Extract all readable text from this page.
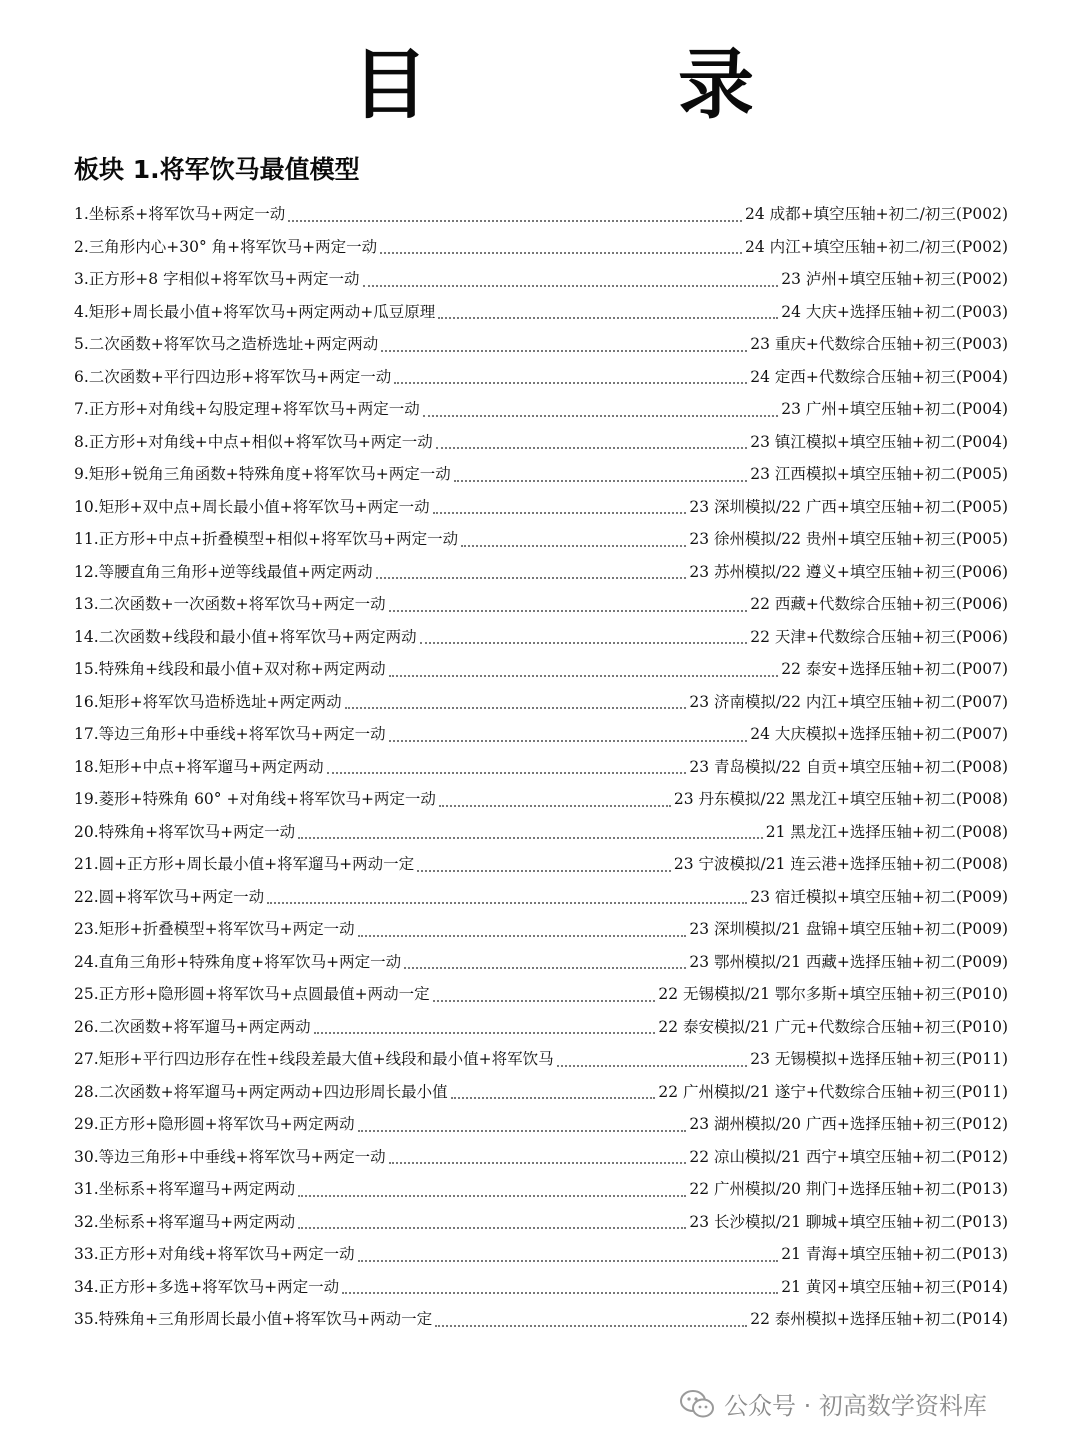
目	录
板块 1.将军饮马最值模型
1.坐标系+将军饮马+两定一动	24 成都+填空压轴+初二/初三(P002)
2.三角形内心+30° 角+将军饮马+两定一动	24 内江+填空压轴+初二/初三(P002)
3.正方形+8 字相似+将军饮马+两定一动	23 泸州+填空压轴+初三(P002)
4.矩形+周长最小值+将军饮马+两定两动+瓜豆原理	24 大庆+选择压轴+初二(P003)
5.二次函数+将军饮马之造桥选址+两定两动	23 重庆+代数综合压轴+初三(P003)
6.二次函数+平行四边形+将军饮马+两定一动	24 定西+代数综合压轴+初三(P004)
7.正方形+对角线+勾股定理+将军饮马+两定一动	23 广州+填空压轴+初二(P004)
8.正方形+对角线+中点+相似+将军饮马+两定一动	23 镇江模拟+填空压轴+初二(P004)
9.矩形+锐角三角函数+特殊角度+将军饮马+两定一动	23 江西模拟+填空压轴+初二(P005)
10.矩形+双中点+周长最小值+将军饮马+两定一动	23 深圳模拟/22 广西+填空压轴+初二(P005)
11.正方形+中点+折叠模型+相似+将军饮马+两定一动	23 徐州模拟/22 贵州+填空压轴+初三(P005)
12.等腰直角三角形+逆等线最值+两定两动	23 苏州模拟/22 遵义+填空压轴+初三(P006)
13.二次函数+一次函数+将军饮马+两定一动	22 西藏+代数综合压轴+初三(P006)
14.二次函数+线段和最小值+将军饮马+两定两动	22 天津+代数综合压轴+初三(P006)
15.特殊角+线段和最小值+双对称+两定两动	22 泰安+选择压轴+初二(P007)
16.矩形+将军饮马造桥选址+两定两动	23 济南模拟/22 内江+填空压轴+初二(P007)
17.等边三角形+中垂线+将军饮马+两定一动	24 大庆模拟+选择压轴+初二(P007)
18.矩形+中点+将军遛马+两定两动	23 青岛模拟/22 自贡+填空压轴+初二(P008)
19.菱形+特殊角 60° +对角线+将军饮马+两定一动	23 丹东模拟/22 黑龙江+填空压轴+初二(P008)
20.特殊角+将军饮马+两定一动	21 黑龙江+选择压轴+初二(P008)
21.圆+正方形+周长最小值+将军遛马+两动一定	23 宁波模拟/21 连云港+选择压轴+初二(P008)
22.圆+将军饮马+两定一动	23 宿迁模拟+填空压轴+初二(P009)
23.矩形+折叠模型+将军饮马+两定一动	23 深圳模拟/21 盘锦+填空压轴+初二(P009)
24.直角三角形+特殊角度+将军饮马+两定一动	23 鄂州模拟/21 西藏+选择压轴+初二(P009)
25.正方形+隐形圆+将军饮马+点圆最值+两动一定	22 无锡模拟/21 鄂尔多斯+填空压轴+初三(P010)
26.二次函数+将军遛马+两定两动	22 泰安模拟/21 广元+代数综合压轴+初三(P010)
27.矩形+平行四边形存在性+线段差最大值+线段和最小值+将军饮马	23 无锡模拟+选择压轴+初三(P011)
28.二次函数+将军遛马+两定两动+四边形周长最小值	22 广州模拟/21 遂宁+代数综合压轴+初三(P011)
29.正方形+隐形圆+将军饮马+两定两动	23 湖州模拟/20 广西+选择压轴+初三(P012)
30.等边三角形+中垂线+将军饮马+两定一动	22 凉山模拟/21 西宁+填空压轴+初二(P012)
31.坐标系+将军遛马+两定两动	22 广州模拟/20 荆门+选择压轴+初二(P013)
32.坐标系+将军遛马+两定两动	23 长沙模拟/21 聊城+填空压轴+初二(P013)
33.正方形+对角线+将军饮马+两定一动	21 青海+填空压轴+初二(P013)
34.正方形+多选+将军饮马+两定一动	21 黄冈+填空压轴+初三(P014)
35.特殊角+三角形周长最小值+将军饮马+两动一定	22 泰州模拟+选择压轴+初二(P014)
公众号 · 初高数学资料库
